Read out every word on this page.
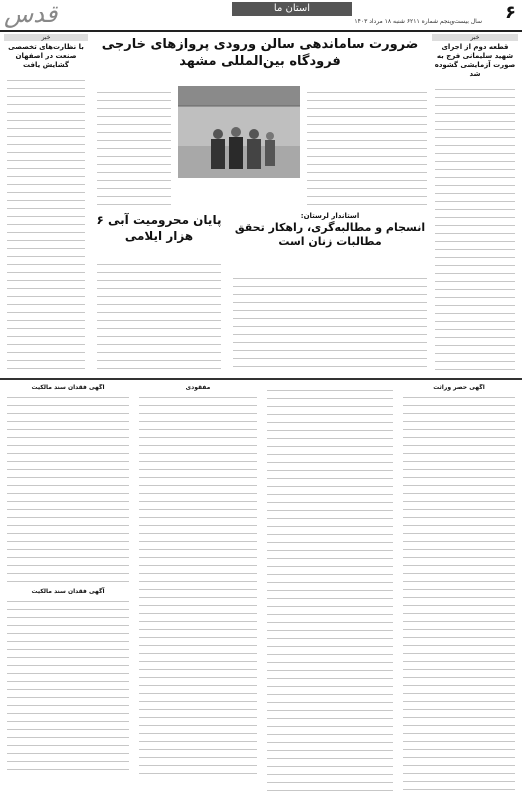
۶
استان ما
سال بیست‌وپنجم شماره ۶۲۱۱ ‫شنبه ۱۸ مرداد ۱۴۰۳
قدس
خبر
قطعه دوم از اجرای شهید سلیمانی فرج به صورت آزمایشی گشوده شد
خبر
با نظارت‌های تخصصی صنعت در اصفهان گشایش یافت
ضرورت ساماندهی سالن ورودی پروازهای خارجی فرودگاه بین‌المللی مشهد
استاندار لرستان:
انسجام و مطالبه‌گری، راهکار تحقق مطالبات زنان است
پایان محرومیت آبی ۶ هزار ایلامی
آگهی حصر وراثت
مفقودی
آگهی فقدان سند مالکیت
آگهی فقدان سند مالکیت
